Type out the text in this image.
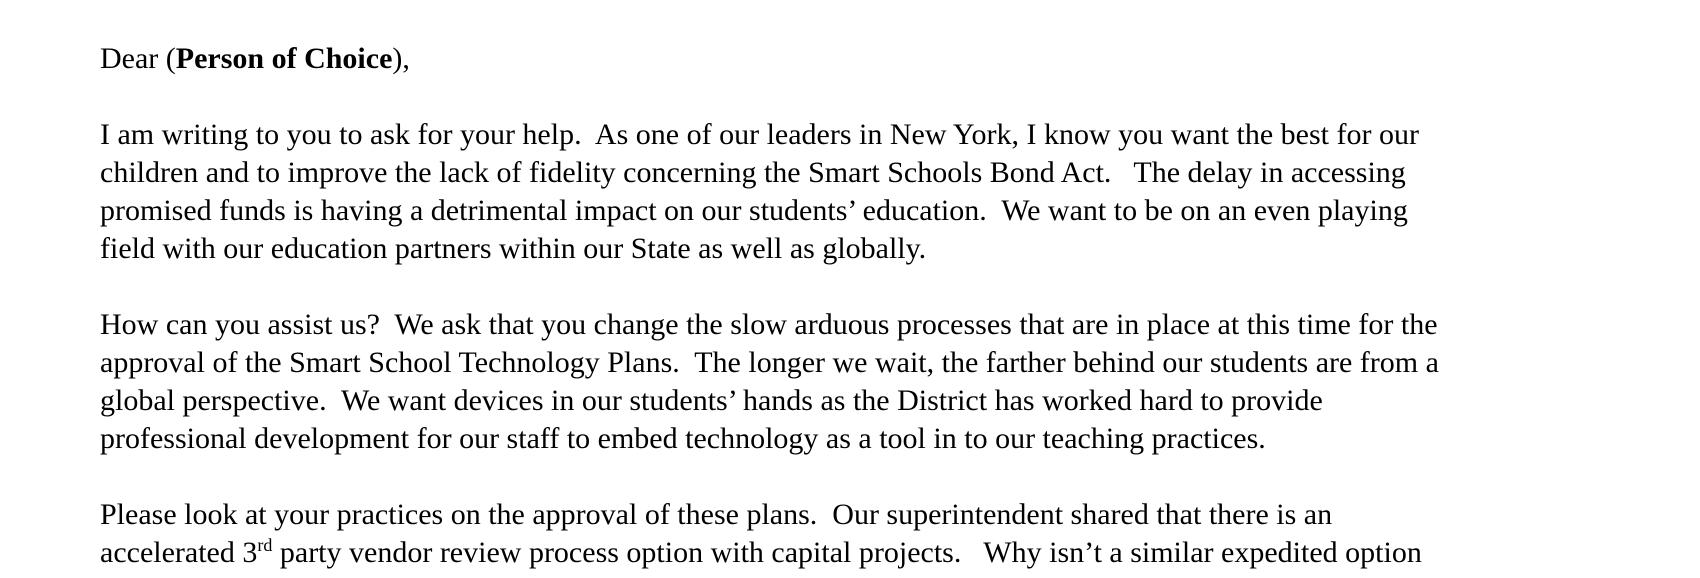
Dear (Person of Choice),
I am writing to you to ask for your help.  As one of our leaders in New York, I know you want the best for our
children and to improve the lack of fidelity concerning the Smart Schools Bond Act.   The delay in accessing
promised funds is having a detrimental impact on our students’ education.  We want to be on an even playing
field with our education partners within our State as well as globally.
How can you assist us?  We ask that you change the slow arduous processes that are in place at this time for the
approval of the Smart School Technology Plans.  The longer we wait, the farther behind our students are from a
global perspective.  We want devices in our students’ hands as the District has worked hard to provide
professional development for our staff to embed technology as a tool in to our teaching practices.
Please look at your practices on the approval of these plans.  Our superintendent shared that there is an
accelerated 3rd party vendor review process option with capital projects.   Why isn’t a similar expedited option
